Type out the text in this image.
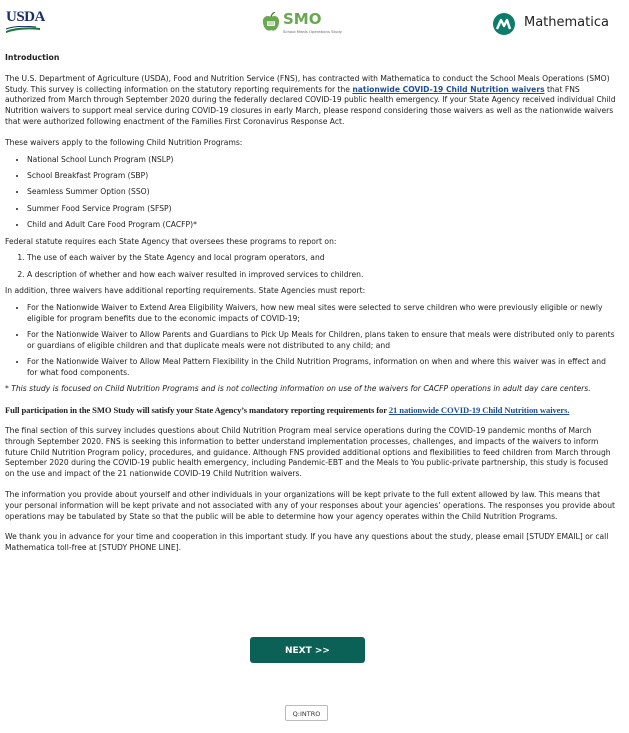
USDA	SMO
School Meals Operations Study
Mathematica

Introduction

The U.S. Department of Agriculture (USDA), Food and Nutrition Service (FNS), has contracted with Mathematica to conduct the School Meals Operations (SMO) Study. This survey is collecting information on the statutory reporting requirements for the nationwide COVID-19 Child Nutrition waivers that FNS authorized from March through September 2020 during the federally declared COVID-19 public health emergency. If your State Agency received individual Child Nutrition waivers to support meal service during COVID-19 closures in early March, please respond considering those waivers as well as the nationwide waivers that were authorized following enactment of the Families First Coronavirus Response Act.

These waivers apply to the following Child Nutrition Programs:

• National School Lunch Program (NSLP)
• School Breakfast Program (SBP)
• Seamless Summer Option (SSO)
• Summer Food Service Program (SFSP)
• Child and Adult Care Food Program (CACFP)*

Federal statute requires each State Agency that oversees these programs to report on:

1. The use of each waiver by the State Agency and local program operators, and
2. A description of whether and how each waiver resulted in improved services to children.

In addition, three waivers have additional reporting requirements. State Agencies must report:

• For the Nationwide Waiver to Extend Area Eligibility Waivers, how new meal sites were selected to serve children who were previously eligible or newly eligible for program benefits due to the economic impacts of COVID-19;
• For the Nationwide Waiver to Allow Parents and Guardians to Pick Up Meals for Children, plans taken to ensure that meals were distributed only to parents or guardians of eligible children and that duplicate meals were not distributed to any child; and
• For the Nationwide Waiver to Allow Meal Pattern Flexibility in the Child Nutrition Programs, information on when and where this waiver was in effect and for what food components.

* This study is focused on Child Nutrition Programs and is not collecting information on use of the waivers for CACFP operations in adult day care centers.

Full participation in the SMO Study will satisfy your State Agency’s mandatory reporting requirements for 21 nationwide COVID-19 Child Nutrition waivers.

The final section of this survey includes questions about Child Nutrition Program meal service operations during the COVID-19 pandemic months of March through September 2020. FNS is seeking this information to better understand implementation processes, challenges, and impacts of the waivers to inform future Child Nutrition Program policy, procedures, and guidance. Although FNS provided additional options and flexibilities to feed children from March through September 2020 during the COVID-19 public health emergency, including Pandemic-EBT and the Meals to You public-private partnership, this study is focused on the use and impact of the 21 nationwide COVID-19 Child Nutrition waivers.

The information you provide about yourself and other individuals in your organizations will be kept private to the full extent allowed by law. This means that your personal information will be kept private and not associated with any of your responses about your agencies’ operations. The responses you provide about operations may be tabulated by State so that the public will be able to determine how your agency operates within the Child Nutrition Programs.

We thank you in advance for your time and cooperation in this important study. If you have any questions about the study, please email [STUDY EMAIL] or call Mathematica toll-free at [STUDY PHONE LINE].

NEXT >>
Q:INTRO
